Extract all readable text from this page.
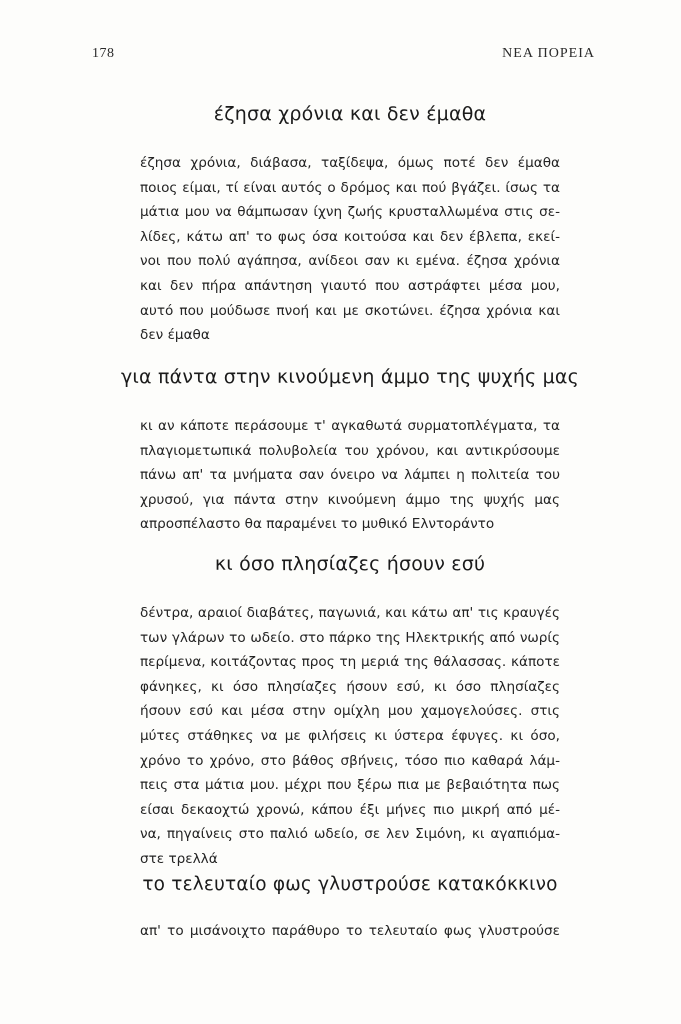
178	ΝΕΑ ΠΟΡΕΙΑ
έζησα χρόνια και δεν έμαθα
έζησα χρόνια, διάβασα, ταξίδεψα, όμως ποτέ δεν έμαθα
ποιος είμαι, τί είναι αυτός ο δρόμος και πού βγάζει. ίσως τα
μάτια μου να θάμπωσαν ίχνη ζωής κρυσταλλωμένα στις σε-
λίδες, κάτω απ' το φως όσα κοιτούσα και δεν έβλεπα, εκεί-
νοι που πολύ αγάπησα, ανίδεοι σαν κι εμένα. έζησα χρόνια
και δεν πήρα απάντηση γιαυτό που αστράφτει μέσα μου,
αυτό που μούδωσε πνοή και με σκοτώνει. έζησα χρόνια και
δεν έμαθα
για πάντα στην κινούμενη άμμο της ψυχής μας
κι αν κάποτε περάσουμε τ' αγκαθωτά συρματοπλέγματα, τα
πλαγιομετωπικά πολυβολεία του χρόνου, και αντικρύσουμε
πάνω απ' τα μνήματα σαν όνειρο να λάμπει η πολιτεία του
χρυσού, για πάντα στην κινούμενη άμμο της ψυχής μας
απροσπέλαστο θα παραμένει το μυθικό Ελντοράντο
κι όσο πλησίαζες ήσουν εσύ
δέντρα, αραιοί διαβάτες, παγωνιά, και κάτω απ' τις κραυγές
των γλάρων το ωδείο. στο πάρκο της Ηλεκτρικής από νωρίς
περίμενα, κοιτάζοντας προς τη μεριά της θάλασσας. κάποτε
φάνηκες, κι όσο πλησίαζες ήσουν εσύ, κι όσο πλησίαζες
ήσουν εσύ και μέσα στην ομίχλη μου χαμογελούσες. στις
μύτες στάθηκες να με φιλήσεις κι ύστερα έφυγες. κι όσο,
χρόνο το χρόνο, στο βάθος σβήνεις, τόσο πιο καθαρά λάμ-
πεις στα μάτια μου. μέχρι που ξέρω πια με βεβαιότητα πως
είσαι δεκαοχτώ χρονώ, κάπου έξι μήνες πιο μικρή από μέ-
να, πηγαίνεις στο παλιό ωδείο, σε λεν Σιμόνη, κι αγαπιόμα-
στε τρελλά
το τελευταίο φως γλυστρούσε κατακόκκινο
απ' το μισάνοιχτο παράθυρο το τελευταίο φως γλυστρούσε
